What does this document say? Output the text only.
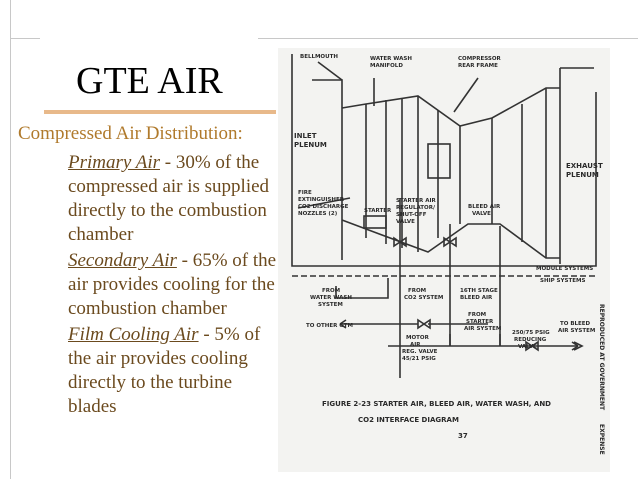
GTE AIR
Compressed Air Distribution:
Primary Air - 30% of the compressed air is supplied directly to the combustion chamber
Secondary Air - 65% of the air provides cooling for the combustion chamber
Film Cooling Air - 5% of the air provides cooling directly to the turbine blades
BELLMOUTH	WATER WASH
MANIFOLD
COMPRESSOR
REAR FRAME
INLET
PLENUM
EXHAUST
PLENUM
FIRE
EXTINGUISHER
CO2 DISCHARGE
NOZZLES (2)	STARTER
STARTER AIR
REGULATOR/
SHUT-OFF
VALVE
BLEED AIR
VALVE
MODULE SYSTEMS
SHIP SYSTEMS
FROM
WATER WASH
SYSTEM
FROM
CO2 SYSTEM
16TH STAGE
BLEED AIR
TO OTHER GTM
FROM
STARTER
AIR SYSTEM
TO BLEED
AIR SYSTEM
MOTOR
AIR
REG. VALVE
45/21 PSIG
250/75 PSIG
REDUCING
VALVE
FIGURE 2-23 STARTER AIR, BLEED AIR, WATER WASH, AND
CO2 INTERFACE DIAGRAM
37
REPRODUCED AT GOVERNMENT
EXPENSE
